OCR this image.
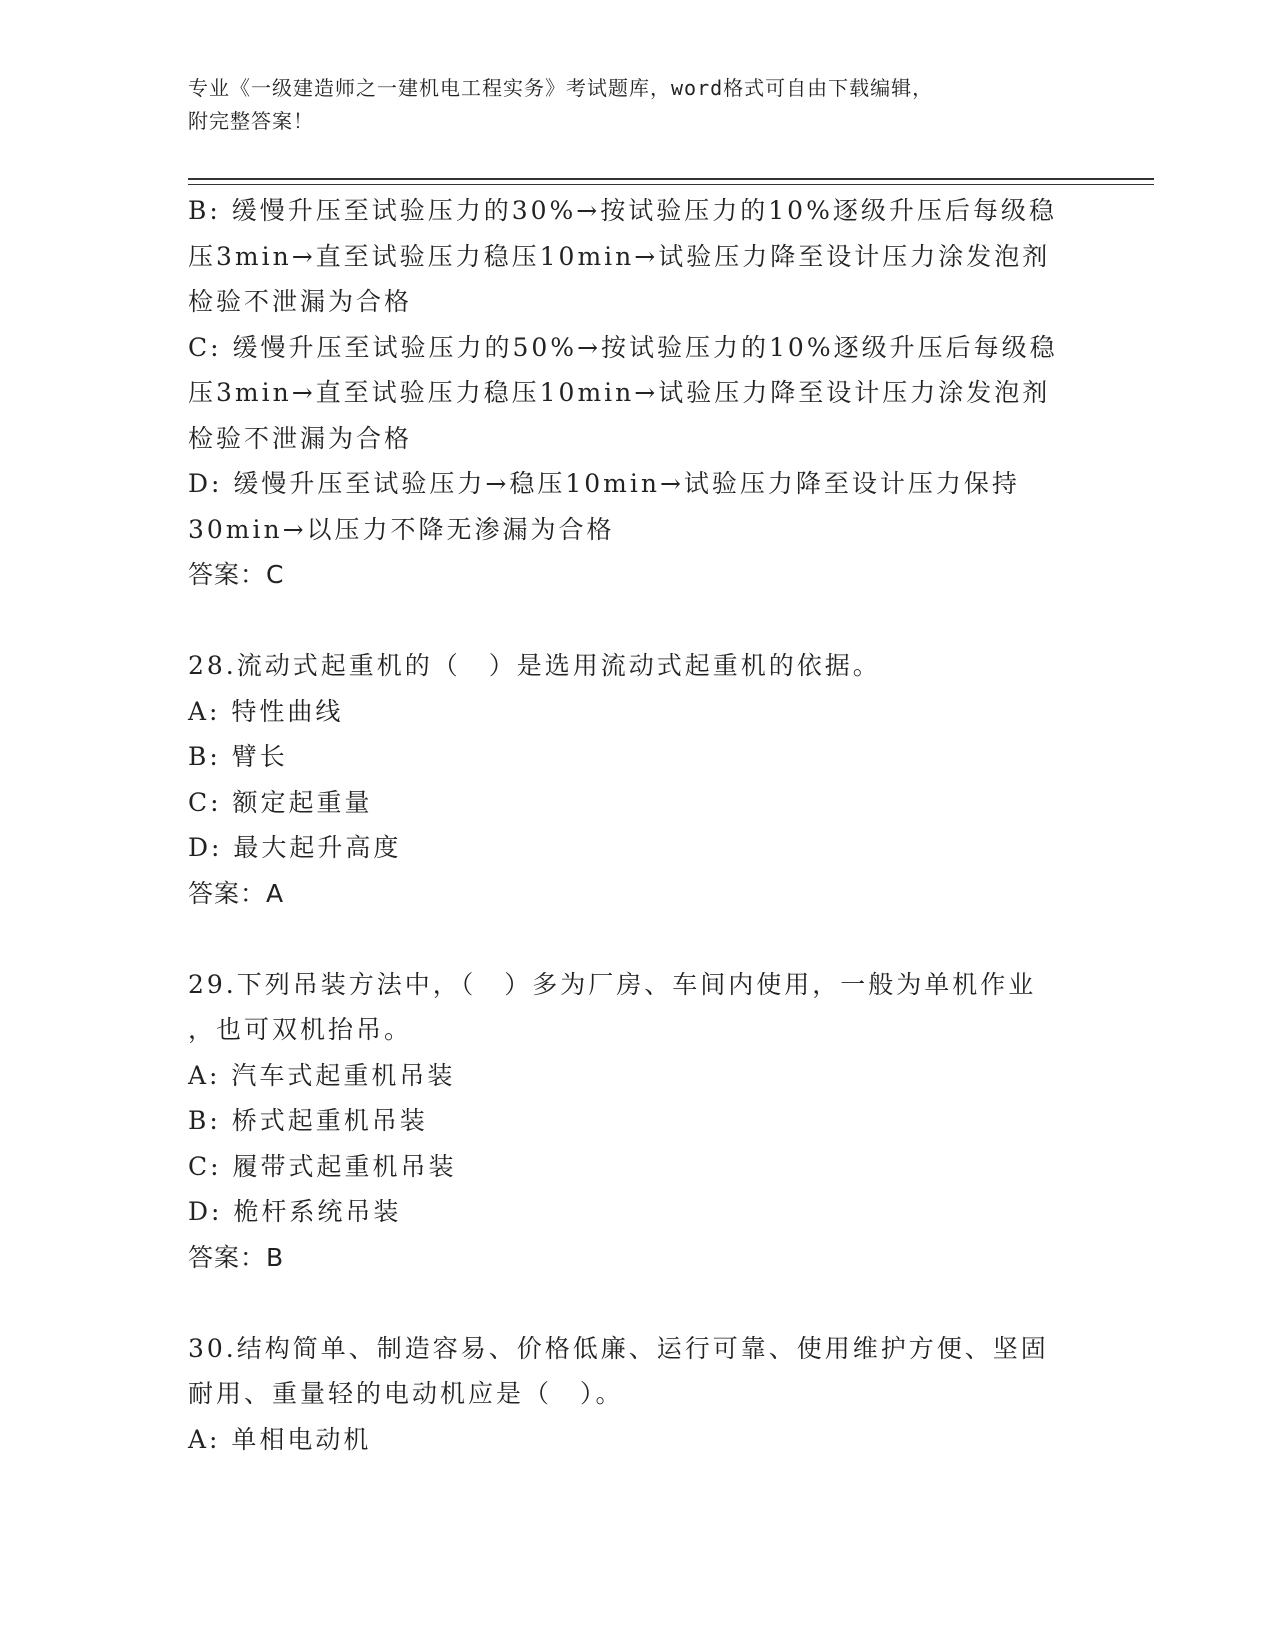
专业《一级建造师之一建机电工程实务》考试题库，word格式可自由下载编辑，
附完整答案！
B: 缓慢升压至试验压力的30%→按试验压力的10%逐级升压后每级稳
压3min→直至试验压力稳压10min→试验压力降至设计压力涂发泡剂
检验不泄漏为合格
C: 缓慢升压至试验压力的50%→按试验压力的10%逐级升压后每级稳
压3min→直至试验压力稳压10min→试验压力降至设计压力涂发泡剂
检验不泄漏为合格
D: 缓慢升压至试验压力→稳压10min→试验压力降至设计压力保持
30min→以压力不降无渗漏为合格
答案：C
28.流动式起重机的（　）是选用流动式起重机的依据。
A: 特性曲线
B: 臂长
C: 额定起重量
D: 最大起升高度
答案：A
29.下列吊装方法中，（　）多为厂房、车间内使用，一般为单机作业
，也可双机抬吊。
A: 汽车式起重机吊装
B: 桥式起重机吊装
C: 履带式起重机吊装
D: 桅杆系统吊装
答案：B
30.结构简单、制造容易、价格低廉、运行可靠、使用维护方便、坚固
耐用、重量轻的电动机应是（　）。
A: 单相电动机
